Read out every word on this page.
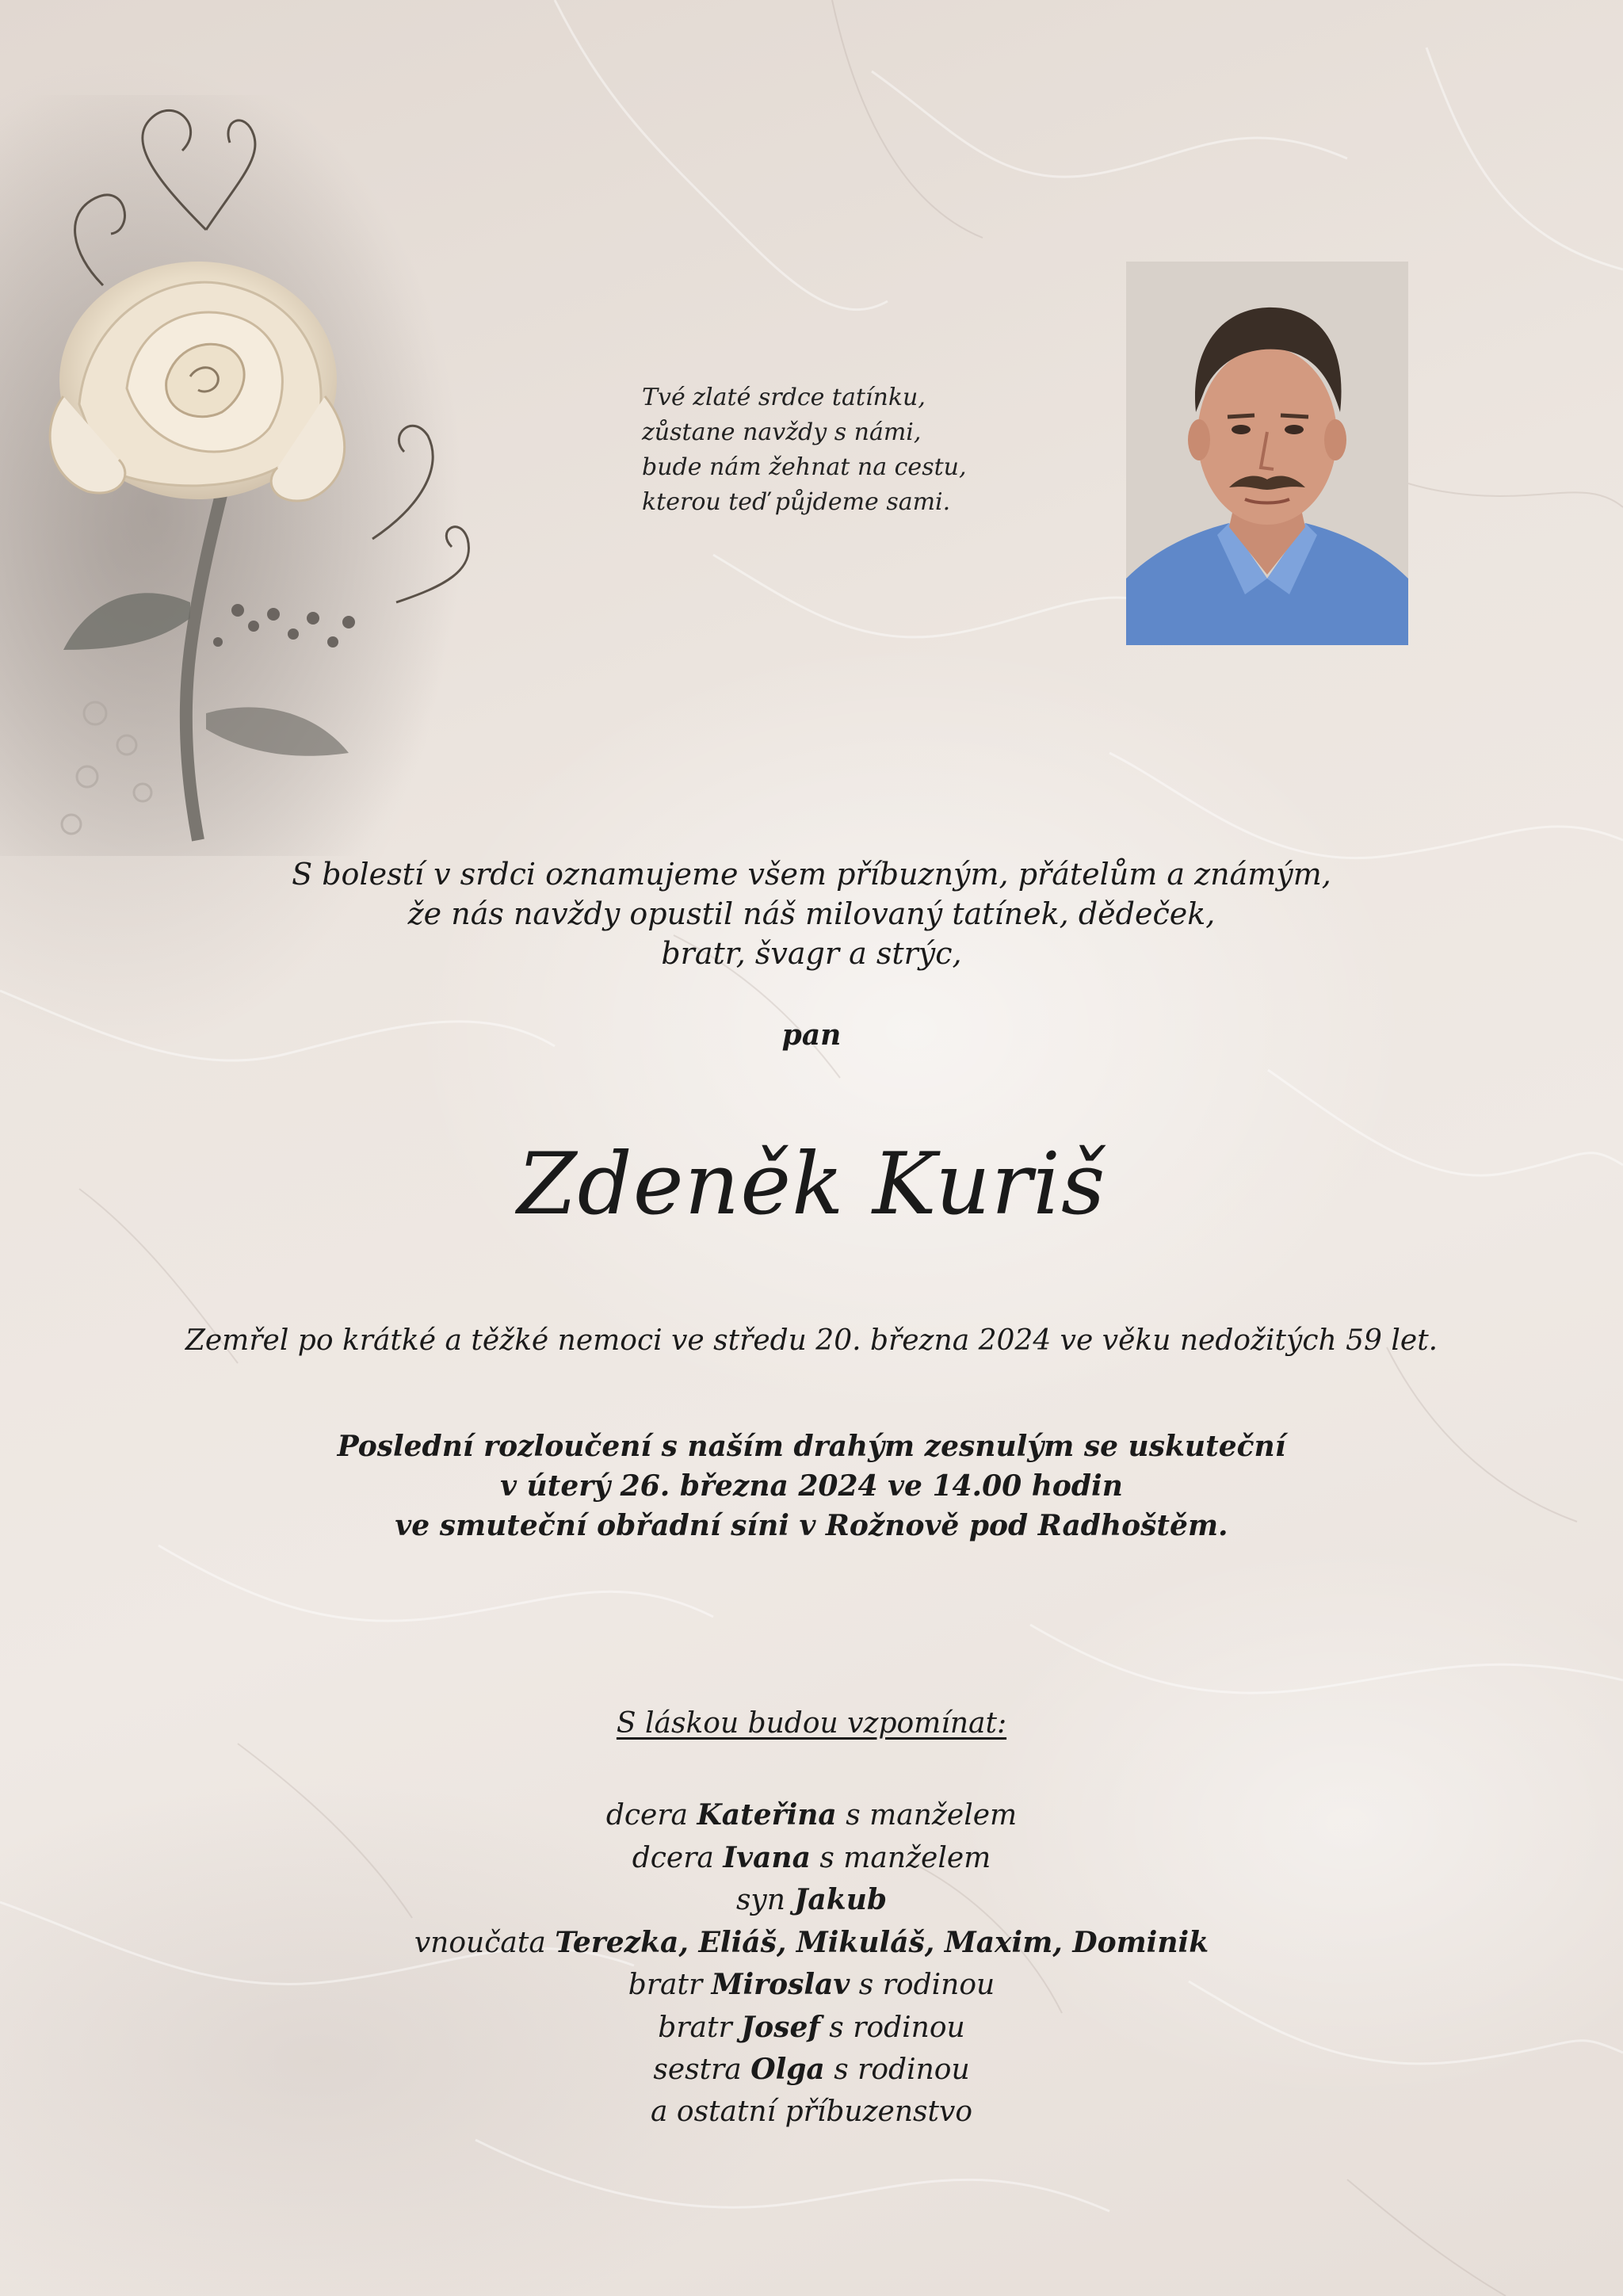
Tvé zlaté srdce tatínku,
zůstane navždy s námi,
bude nám žehnat na cestu,
kterou teď půjdeme sami.
S bolestí v srdci oznamujeme všem příbuzným, přátelům a známým,
že nás navždy opustil náš milovaný tatínek, dědeček,
bratr, švagr a strýc,
pan
Zdeněk Kuriš
Zemřel po krátké a těžké nemoci ve středu 20. března 2024 ve věku nedožitých 59 let.
Poslední rozloučení s naším drahým zesnulým se uskuteční
v úterý 26. března 2024 ve 14.00 hodin
ve smuteční obřadní síni v Rožnově pod Radhoštěm.
S láskou budou vzpomínat:
dcera Kateřina s manželem
dcera Ivana s manželem
syn Jakub
vnoučata Terezka, Eliáš, Mikuláš, Maxim, Dominik
bratr Miroslav s rodinou
bratr Josef s rodinou
sestra Olga s rodinou
a ostatní příbuzenstvo
